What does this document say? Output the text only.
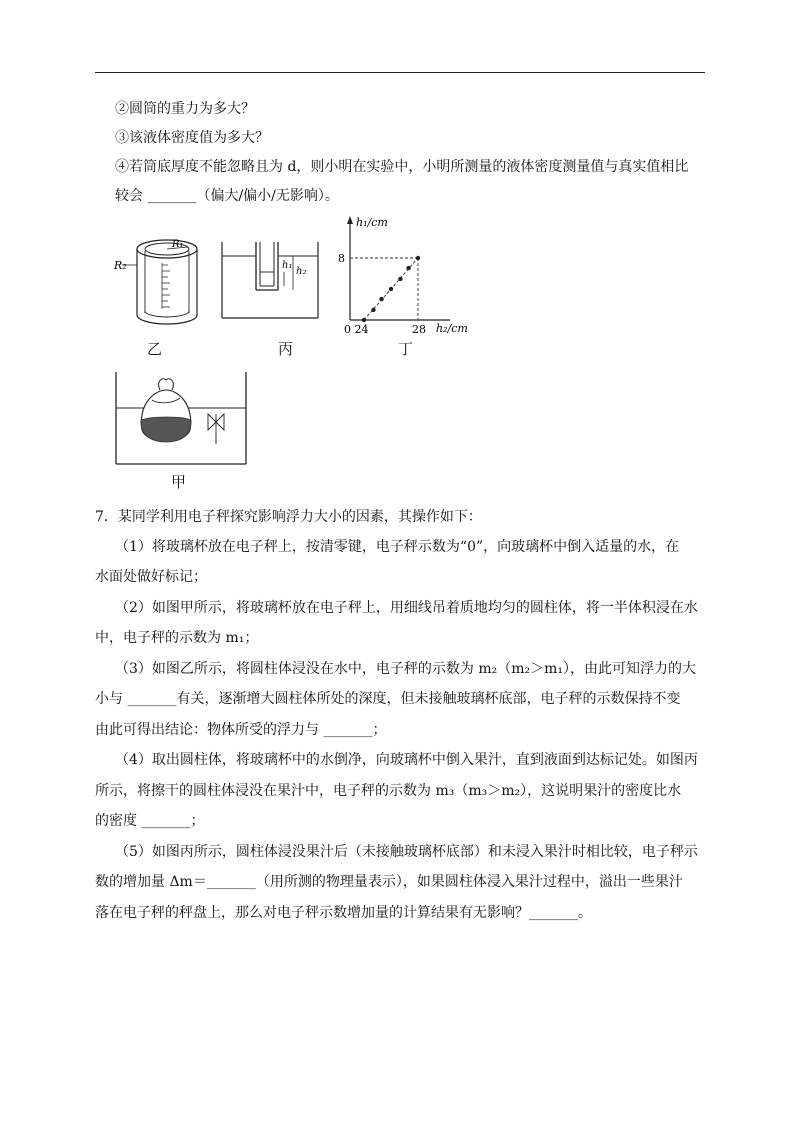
②圆筒的重力为多大？
③该液体密度值为多大？
④若筒底厚度不能忽略且为 d，则小明在实验中，小明所测量的液体密度测量值与真实值相比
较会 _______（偏大/偏小/无影响）。
R₂
R₁
h₁
h₂
h₁/cm
h₂/cm
8
0 24	28
乙	丙	丁
甲
7．某同学利用电子秤探究影响浮力大小的因素，其操作如下：
（1）将玻璃杯放在电子秤上，按清零键，电子秤示数为“0”，向玻璃杯中倒入适量的水，在
水面处做好标记；
（2）如图甲所示，将玻璃杯放在电子秤上，用细线吊着质地均匀的圆柱体，将一半体积浸在水
中，电子秤的示数为 m₁；
（3）如图乙所示，将圆柱体浸没在水中，电子秤的示数为 m₂（m₂＞m₁），由此可知浮力的大
小与 _______有关，逐渐增大圆柱体所处的深度，但未接触玻璃杯底部，电子秤的示数保持不变
由此可得出结论：物体所受的浮力与 _______；
（4）取出圆柱体，将玻璃杯中的水倒净，向玻璃杯中倒入果汁，直到液面到达标记处。如图丙
所示，将擦干的圆柱体浸没在果汁中，电子秤的示数为 m₃（m₃＞m₂），这说明果汁的密度比水
的密度 _______；
（5）如图丙所示，圆柱体浸没果汁后（未接触玻璃杯底部）和未浸入果汁时相比较，电子秤示
数的增加量 Δm＝_______（用所测的物理量表示），如果圆柱体浸入果汁过程中，溢出一些果汁
落在电子秤的秤盘上，那么对电子秤示数增加量的计算结果有无影响？_______。
